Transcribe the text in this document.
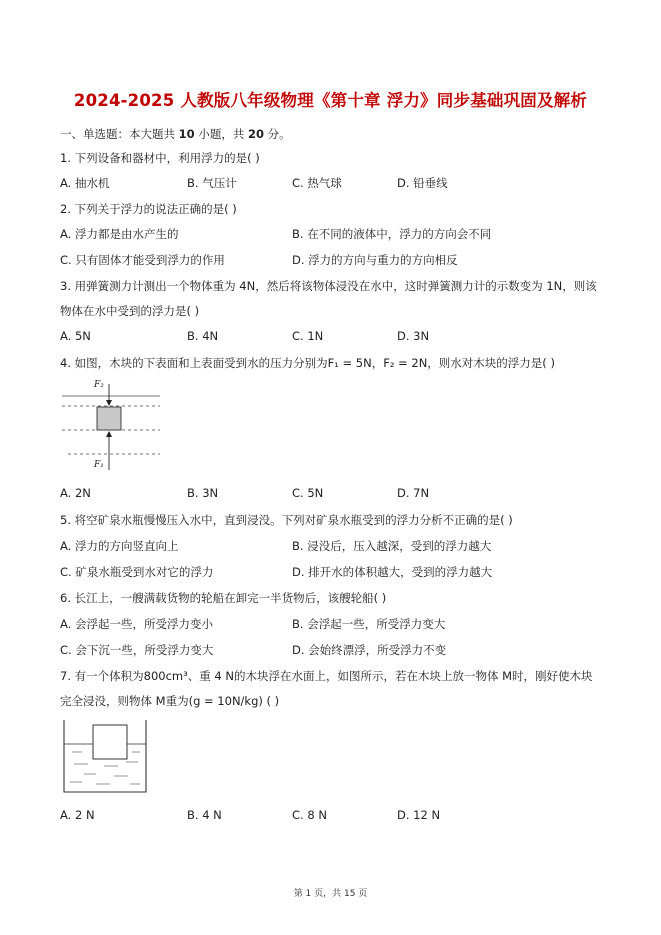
2024-2025 人教版八年级物理《第十章 浮力》同步基础巩固及解析
一、单选题：本大题共 10 小题，共 20 分。
1. 下列设备和器材中，利用浮力的是( )
A. 抽水机	B. 气压计	C. 热气球	D. 铅垂线
2. 下列关于浮力的说法正确的是( )
A. 浮力都是由水产生的	B. 在不同的液体中，浮力的方向会不同
C. 只有固体才能受到浮力的作用	D. 浮力的方向与重力的方向相反
3. 用弹簧测力计测出一个物体重为 4N，然后将该物体浸没在水中，这时弹簧测力计的示数变为 1N，则该
物体在水中受到的浮力是( )
A. 5N	B. 4N	C. 1N	D. 3N
4. 如图，木块的下表面和上表面受到水的压力分别为F₁ = 5N，F₂ = 2N，则水对木块的浮力是( )
F₂
F₁
A. 2N	B. 3N	C. 5N	D. 7N
5. 将空矿泉水瓶慢慢压入水中，直到浸没。下列对矿泉水瓶受到的浮力分析不正确的是( )
A. 浮力的方向竖直向上	B. 浸没后，压入越深，受到的浮力越大
C. 矿泉水瓶受到水对它的浮力	D. 排开水的体积越大，受到的浮力越大
6. 长江上，一艘满载货物的轮船在卸完一半货物后，该艘轮船( )
A. 会浮起一些，所受浮力变小	B. 会浮起一些，所受浮力变大
C. 会下沉一些，所受浮力变大	D. 会始终漂浮，所受浮力不变
7. 有一个体积为800cm³、重 4 N的木块浮在水面上，如图所示，若在木块上放一物体 M时，刚好使木块
完全浸没，则物体 M重为(g = 10N/kg) ( )
A. 2 N	B. 4 N	C. 8 N	D. 12 N
第 1 页，共 15 页
